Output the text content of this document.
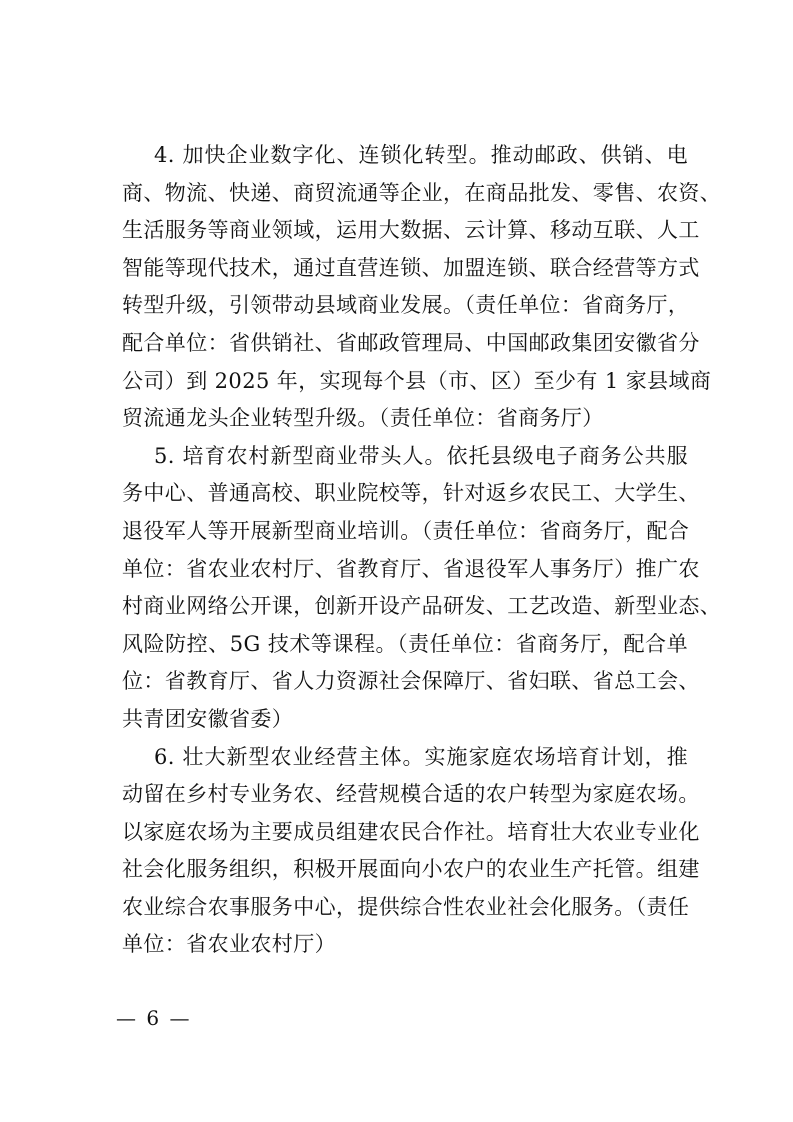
4. 加快企业数字化、连锁化转型。推动邮政、供销、电
商、物流、快递、商贸流通等企业，在商品批发、零售、农资、
生活服务等商业领域，运用大数据、云计算、移动互联、人工
智能等现代技术，通过直营连锁、加盟连锁、联合经营等方式
转型升级，引领带动县域商业发展。（责任单位：省商务厅，
配合单位：省供销社、省邮政管理局、中国邮政集团安徽省分
公司）到 2025 年，实现每个县（市、区）至少有 1 家县域商
贸流通龙头企业转型升级。（责任单位：省商务厅）

5. 培育农村新型商业带头人。依托县级电子商务公共服
务中心、普通高校、职业院校等，针对返乡农民工、大学生、
退役军人等开展新型商业培训。（责任单位：省商务厅，配合
单位：省农业农村厅、省教育厅、省退役军人事务厅）推广农
村商业网络公开课，创新开设产品研发、工艺改造、新型业态、
风险防控、5G 技术等课程。（责任单位：省商务厅，配合单
位：省教育厅、省人力资源社会保障厅、省妇联、省总工会、
共青团安徽省委）

6. 壮大新型农业经营主体。实施家庭农场培育计划，推
动留在乡村专业务农、经营规模合适的农户转型为家庭农场。
以家庭农场为主要成员组建农民合作社。培育壮大农业专业化
社会化服务组织，积极开展面向小农户的农业生产托管。组建
农业综合农事服务中心，提供综合性农业社会化服务。（责任
单位：省农业农村厅）

— 6 —
